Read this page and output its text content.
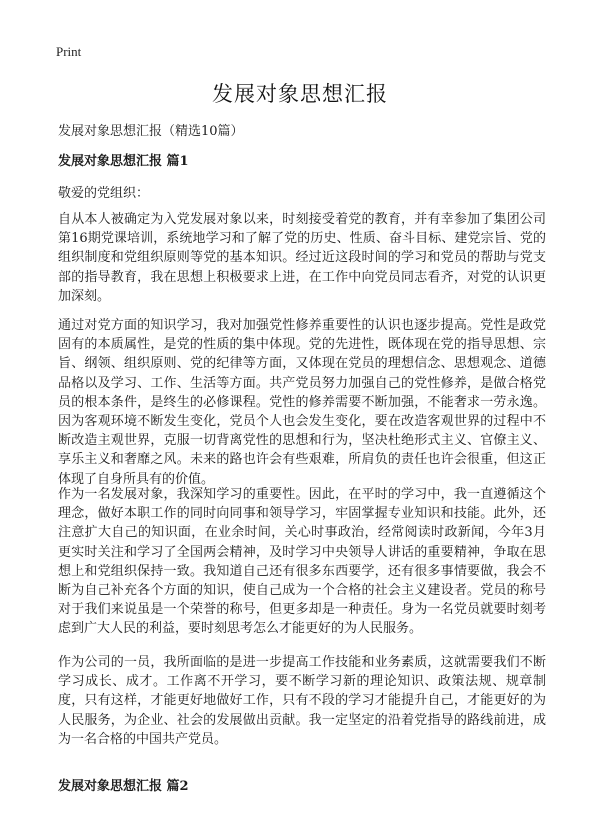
Print
发展对象思想汇报
发展对象思想汇报（精选10篇）
发展对象思想汇报 篇1
敬爱的党组织：

自从本人被确定为入党发展对象以来，时刻接受着党的教育，并有幸参加了集团公司第16期党课培训，系统地学习和了解了党的历史、性质、奋斗目标、建党宗旨、党的组织制度和党组织原则等党的基本知识。经过近这段时间的学习和党员的帮助与党支部的指导教育，我在思想上积极要求上进，在工作中向党员同志看齐，对党的认识更加深刻。

通过对党方面的知识学习，我对加强党性修养重要性的认识也逐步提高。党性是政党固有的本质属性，是党的性质的集中体现。党的先进性，既体现在党的指导思想、宗旨、纲领、组织原则、党的纪律等方面，又体现在党员的理想信念、思想观念、道德品格以及学习、工作、生活等方面。共产党员努力加强自己的党性修养，是做合格党员的根本条件，是终生的必修课程。党性的修养需要不断加强，不能奢求一劳永逸。因为客观环境不断发生变化，党员个人也会发生变化，要在改造客观世界的过程中不断改造主观世界，克服一切背离党性的思想和行为，坚决杜绝形式主义、官僚主义、享乐主义和奢靡之风。未来的路也许会有些艰难，所肩负的责任也许会很重，但这正体现了自身所具有的价值。

作为一名发展对象，我深知学习的重要性。因此，在平时的学习中，我一直遵循这个理念，做好本职工作的同时向同事和领导学习，牢固掌握专业知识和技能。此外，还注意扩大自己的知识面，在业余时间，关心时事政治，经常阅读时政新闻，今年3月更实时关注和学习了全国两会精神，及时学习中央领导人讲话的重要精神，争取在思想上和党组织保持一致。我知道自己还有很多东西要学，还有很多事情要做，我会不断为自己补充各个方面的知识，使自己成为一个合格的社会主义建设者。党员的称号对于我们来说虽是一个荣誉的称号，但更多却是一种责任。身为一名党员就要时刻考虑到广大人民的利益，要时刻思考怎么才能更好的为人民服务。

作为公司的一员，我所面临的是进一步提高工作技能和业务素质，这就需要我们不断学习成长、成才。工作离不开学习，要不断学习新的理论知识、政策法规、规章制度，只有这样，才能更好地做好工作，只有不段的学习才能提升自己，才能更好的为人民服务，为企业、社会的发展做出贡献。我一定坚定的沿着党指导的路线前进，成为一名合格的中国共产党员。

发展对象思想汇报 篇2
